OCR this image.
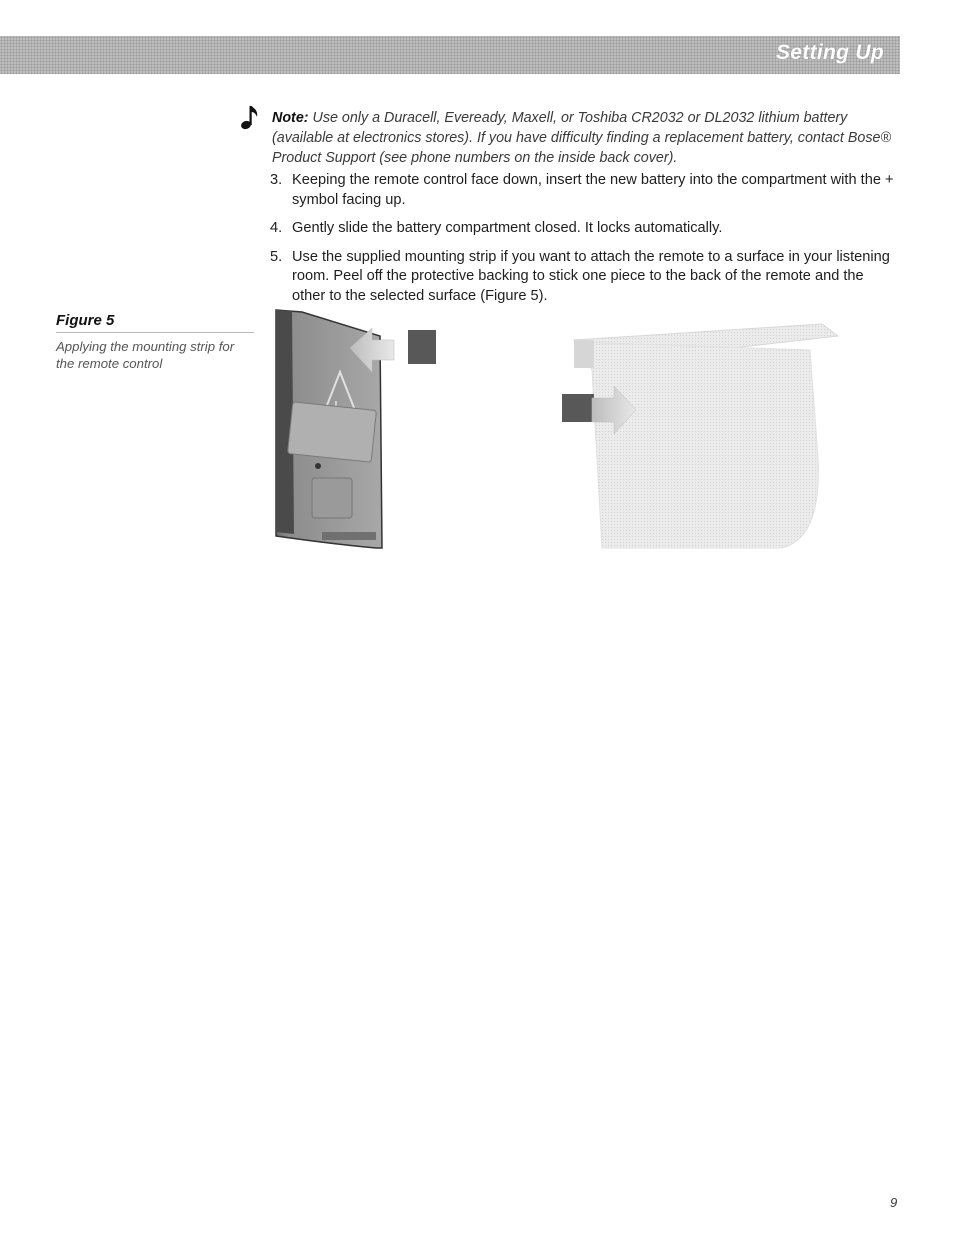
Setting Up
Note: Use only a Duracell, Eveready, Maxell, or Toshiba CR2032 or DL2032 lithium battery (available at electronics stores). If you have difficulty finding a replacement battery, contact Bose® Product Support (see phone numbers on the inside back cover).
3. Keeping the remote control face down, insert the new battery into the compartment with the + symbol facing up.
4. Gently slide the battery compartment closed. It locks automatically.
5. Use the supplied mounting strip if you want to attach the remote to a surface in your listening room. Peel off the protective backing to stick one piece to the back of the remote and the other to the selected surface (Figure 5).
Figure 5
Applying the mounting strip for the remote control
9
